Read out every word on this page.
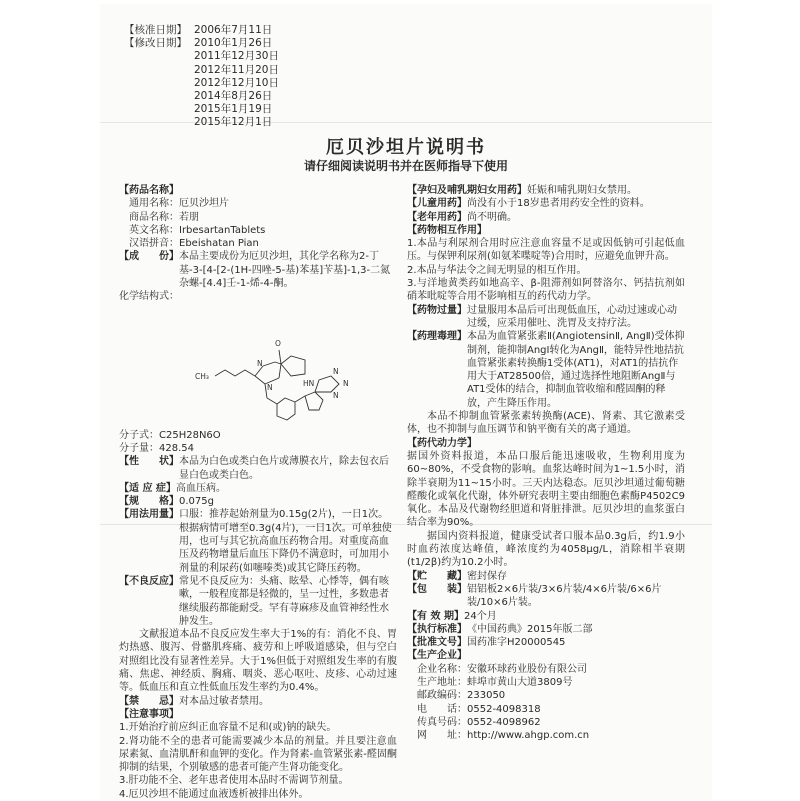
【核准日期】 2006年7月11日
【修改日期】 2010年1月26日
2011年12月30日
2012年11月20日
2012年12月10日
2014年8月26日
2015年1月19日
2015年12月1日
厄贝沙坦片说明书
请仔细阅读说明书并在医师指导下使用

【药品名称】

通用名称： 厄贝沙坦片
商品名称： 若朋
英文名称： IrbesartanTablets
汉语拼音： Ebeishatan Pian
【成　　份】 本品主要成份为厄贝沙坦，其化学名称为2-丁基-3-[4-[2-(1H-四唑-5-基)苯基]苄基]-1,3-二氮杂螺-[4.4]壬-1-烯-4-酮。

化学结构式：

CH₃
O
N
N
N
N
N
HN
分子式： C25H28N6O
分子量： 428.54
【性　　状】 本品为白色或类白色片或薄膜衣片，除去包衣后显白色或类白色。
【适 应 症】 高血压病。
【规　　格】 0.075g
【用法用量】 口服：推荐起始剂量为0.15g(2片)，一日1次。根据病情可增至0.3g(4片)，一日1次。可单独使用，也可与其它抗高血压药物合用。对重度高血压及药物增量后血压下降仍不满意时，可加用小剂量的利尿药(如噻嗪类)或其它降压药物。
【不良反应】 常见不良反应为：头痛、眩晕、心悸等，偶有咳嗽，一般程度都是轻微的，呈一过性，多数患者继续服药都能耐受。罕有荨麻疹及血管神经性水肿发生。

文献报道本品不良反应发生率大于1%的有：消化不良、胃灼热感、腹泻、骨骼肌疼痛、疲劳和上呼吸道感染，但与空白对照组比没有显著性差异。大于1%但低于对照组发生率的有腹痛、焦虑、神经质、胸痛、咽炎、恶心呕吐、皮疹、心动过速等。低血压和直立性低血压发生率约为0.4%。

【禁　　忌】 对本品过敏者禁用。

【注意事项】

1.开始治疗前应纠正血容量不足和(或)钠的缺失。

2.肾功能不全的患者可能需要减少本品的剂量。并且要注意血尿素氮、血清肌酐和血钾的变化。作为肾素-血管紧张素-醛固酮抑制的结果，个别敏感的患者可能产生肾功能变化。

3.肝功能不全、老年患者使用本品时不需调节剂量。

4.厄贝沙坦不能通过血液透析被排出体外。

【孕妇及哺乳期妇女用药】 妊娠和哺乳期妇女禁用。
【儿童用药】 尚没有小于18岁患者用药安全性的资料。
【老年用药】 尚不明确。

【药物相互作用】

1.本品与利尿剂合用时应注意血容量不足或因低钠可引起低血压。与保钾利尿剂(如氨苯喋啶等)合用时，应避免血钾升高。

2.本品与华法令之间无明显的相互作用。

3.与洋地黄类药如地高辛、β-阻滞剂如阿替洛尔、钙拮抗剂如硝苯吡啶等合用不影响相互的药代动力学。

【药物过量】 过量服用本品后可出现低血压，心动过速或心动过缓，应采用催吐、洗胃及支持疗法。
【药理毒理】 本品为血管紧张素Ⅱ(AngiotensinⅡ, AngⅡ)受体抑制剂，能抑制AngⅠ转化为AngⅡ，能特异性地拮抗血管紧张素转换酶1受体(AT1)，对AT1的拮抗作用大于AT28500倍，通过选择性地阻断AngⅡ与AT1受体的结合，抑制血管收缩和醛固酮的释放，产生降压作用。

本品不抑制血管紧张素转换酶(ACE)、肾素、其它激素受体，也不抑制与血压调节和钠平衡有关的离子通道。

【药代动力学】

据国外资料报道，本品口服后能迅速吸收，生物利用度为60~80%，不受食物的影响。血浆达峰时间为1~1.5小时，消除半衰期为11~15小时。三天内达稳态。厄贝沙坦通过葡萄糖醛酸化或氧化代谢，体外研究表明主要由细胞色素酶P4502C9氧化。本品及代谢物经胆道和肾脏排泄。厄贝沙坦的血浆蛋白结合率为90%。

据国内资料报道，健康受试者口服本品0.3g后，约1.9小时血药浓度达峰值，峰浓度约为4058μg/L，消除相半衰期(t1/2β)约为10.2小时。

【贮　　藏】 密封保存
【包　　装】 铝铝板2×6片装/3×6片装/4×6片装/6×6片装/10×6片装。
【有 效 期】 24个月
【执行标准】 《中国药典》2015年版二部
【批准文号】 国药准字H20000545

【生产企业】

企业名称： 安徽环球药业股份有限公司
生产地址： 蚌埠市黄山大道3809号
邮政编码： 233050
电　　话： 0552-4098318
传真号码： 0552-4098962
网　　址： http://www.ahgp.com.cn
